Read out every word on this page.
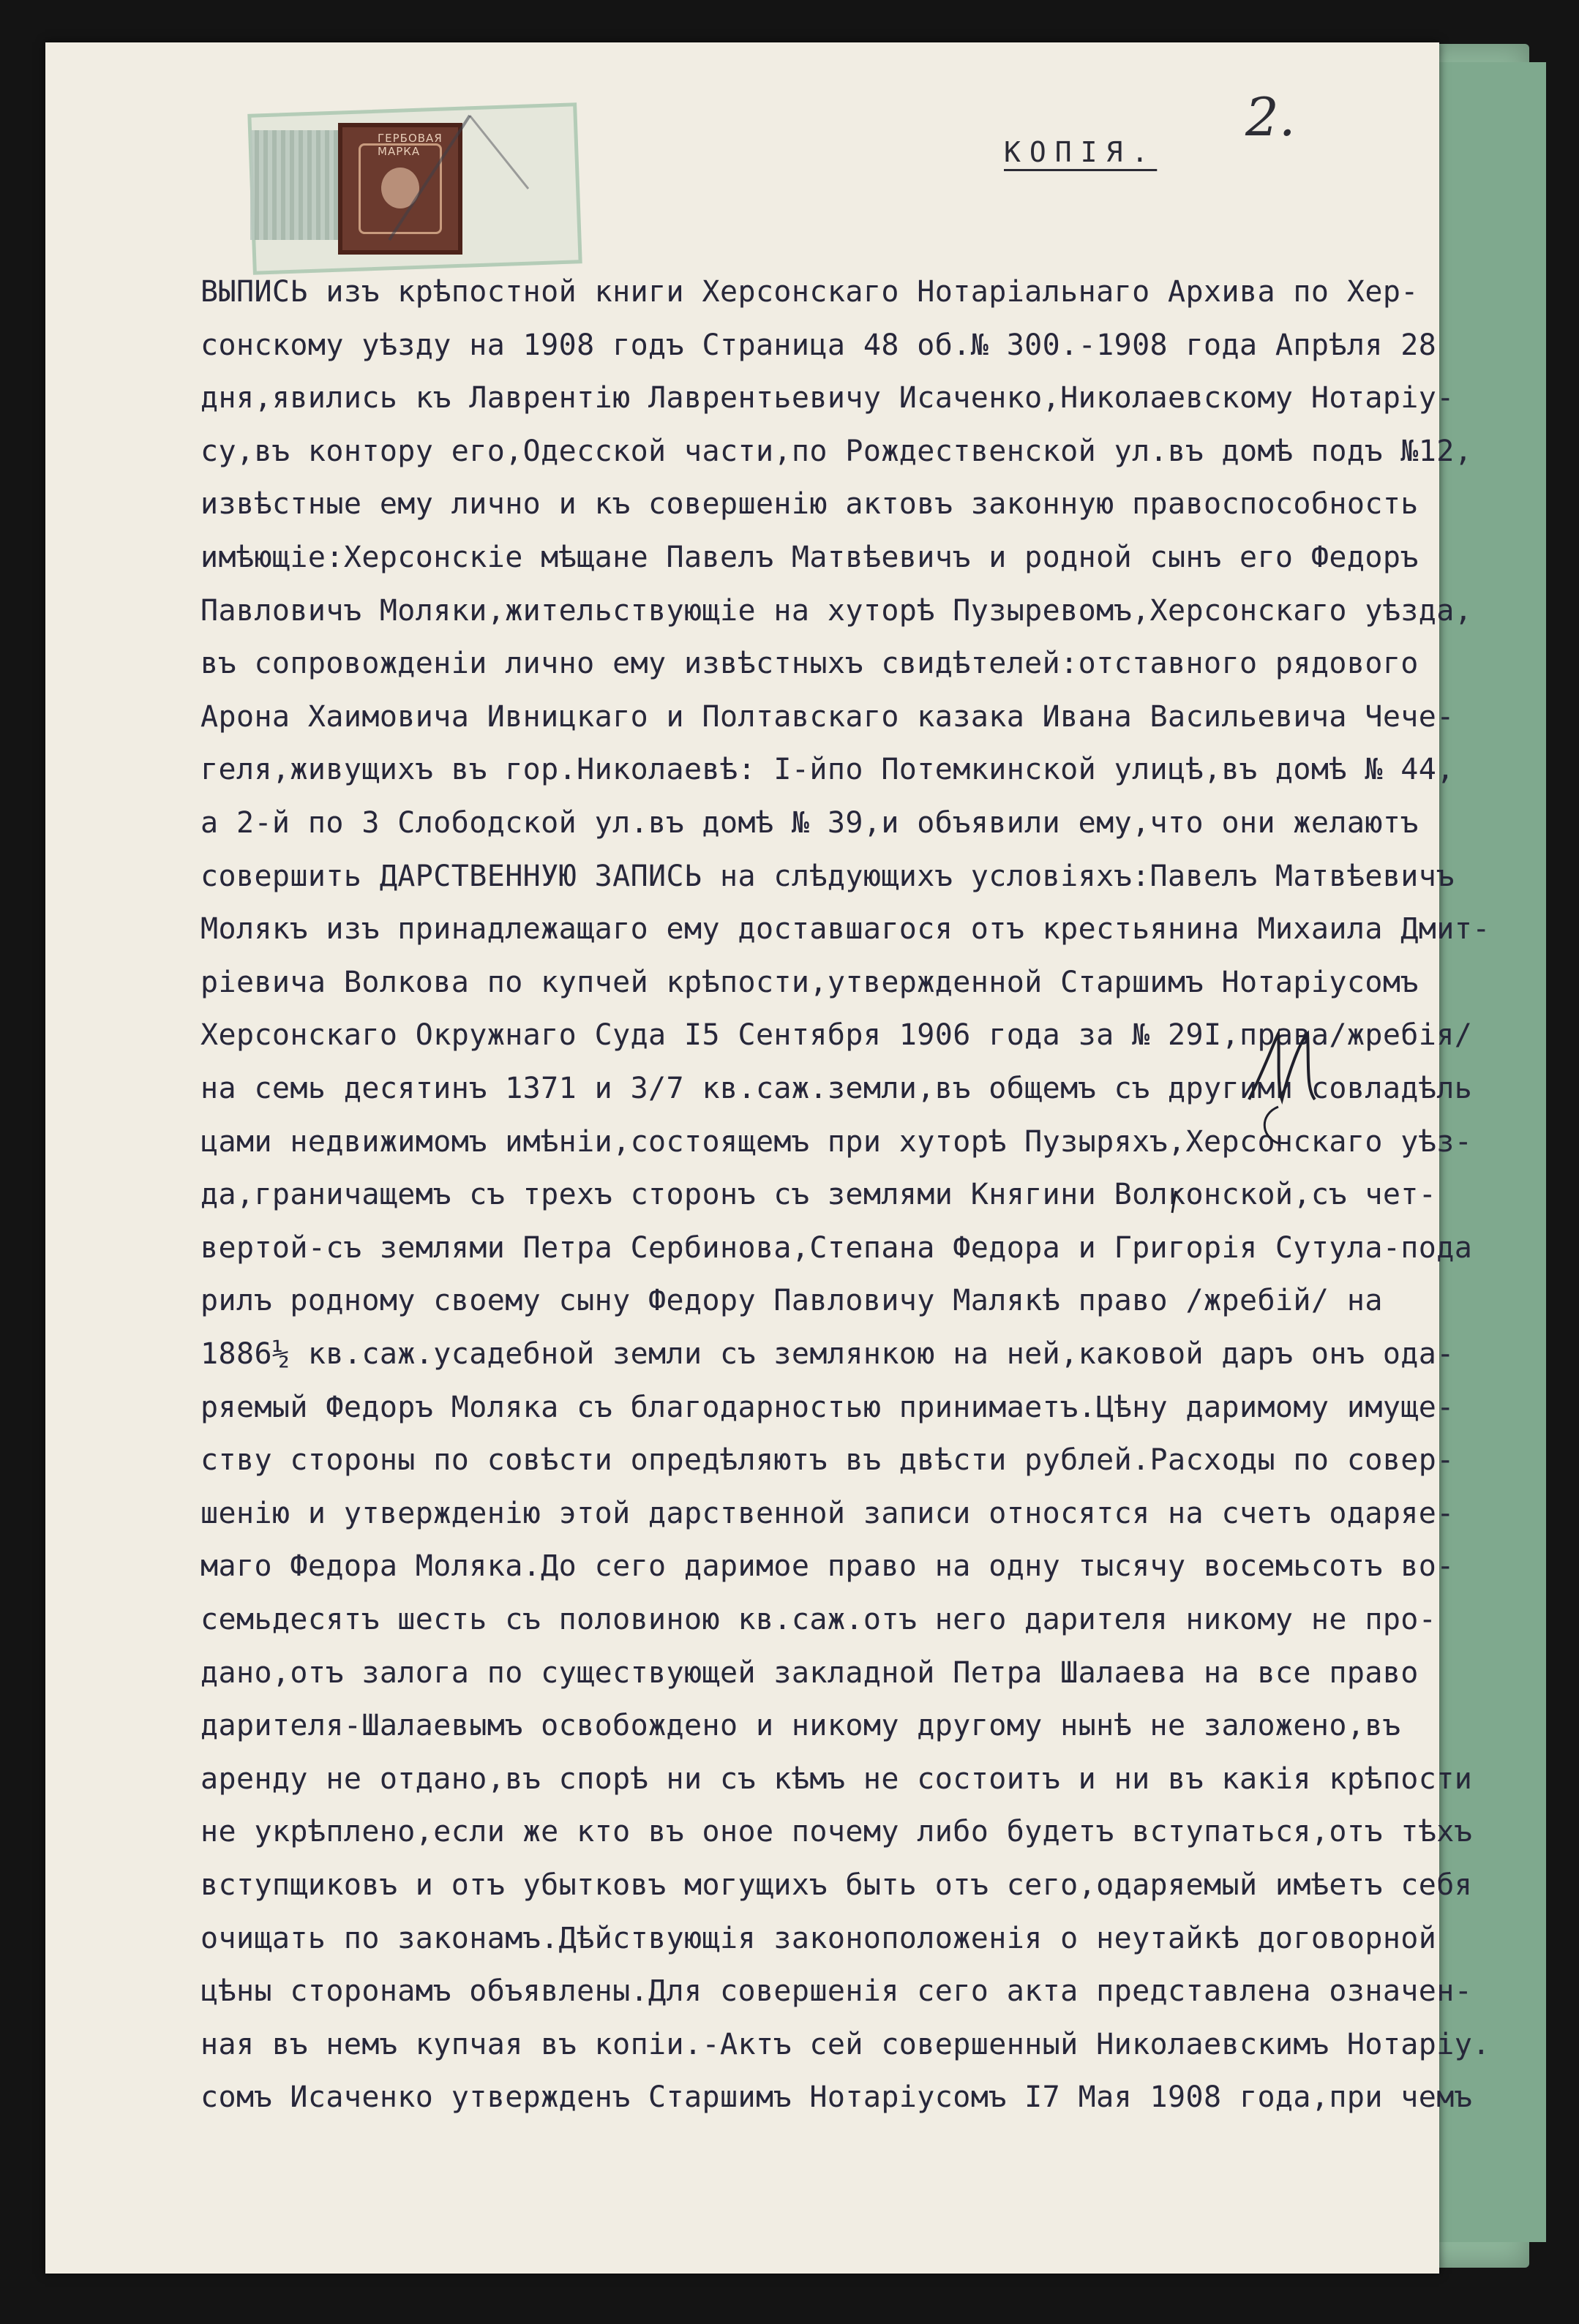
ГЕРБОВАЯ МАРКА
2.
КОПІЯ.
ВЫПИСЬ изъ крѣпостной книги Херсонскаго Нотаріальнаго Архива по Хер-
сонскому уѣзду на 1908 годъ Страница 48 об.№ 300.-1908 года Апрѣля 28
дня,явились къ Лаврентію Лаврентьевичу Исаченко,Николаевскому Нотаріу-
су,въ контору его,Одесской части,по Рождественской ул.въ домѣ подъ №12,
извѣстные ему лично и къ совершенію актовъ законную правоспособность
имѣющіе:Херсонскіе мѣщане Павелъ Матвѣевичъ и родной сынъ его Федоръ
Павловичъ Моляки,жительствующіе на хуторѣ Пузыревомъ,Херсонскаго уѣзда,
въ сопровожденіи лично ему извѣстныхъ свидѣтелей:отставного рядового
Арона Хаимовича Ивницкаго и Полтавскаго казака Ивана Васильевича Чече-
геля,живущихъ въ гор.Николаевѣ: I-йпо Потемкинской улицѣ,въ домѣ № 44,
а 2-й по 3 Слободской ул.въ домѣ № 39,и объявили ему,что они желаютъ
совершить ДАРСТВЕННУЮ ЗАПИСЬ на слѣдующихъ условіяхъ:Павелъ Матвѣевичъ
Молякъ изъ принадлежащаго ему доставшагося отъ крестьянина Михаила Дмит-
ріевича Волкова по купчей крѣпости,утвержденной Старшимъ Нотаріусомъ
Херсонскаго Окружнаго Суда I5 Сентября 1906 года за № 29I,права/жребія/
на семь десятинъ 1371 и 3/7 кв.саж.земли,въ общемъ съ другими совладѣль
цами недвижимомъ имѣніи,состоящемъ при хуторѣ Пузыряхъ,Херсонскаго уѣз-
да,граничащемъ съ трехъ сторонъ съ землями Княгини Волконской,съ чет-
вертой-съ землями Петра Сербинова,Степана Федора и Григорія Сутула-пода
рилъ родному своему сыну Федору Павловичу Малякѣ право /жребій/ на
1886½ кв.саж.усадебной земли съ землянкою на ней,каковой даръ онъ ода-
ряемый Федоръ Моляка съ благодарностью принимаетъ.Цѣну даримому имуще-
ству стороны по совѣсти опредѣляютъ въ двѣсти рублей.Расходы по совер-
шенію и утвержденію этой дарственной записи относятся на счетъ одаряе-
маго Федора Моляка.До сего даримое право на одну тысячу восемьсотъ во-
семьдесятъ шесть съ половиною кв.саж.отъ него дарителя никому не про-
дано,отъ залога по существующей закладной Петра Шалаева на все право
дарителя-Шалаевымъ освобождено и никому другому нынѣ не заложено,въ
аренду не отдано,въ спорѣ ни съ кѣмъ не состоитъ и ни въ какія крѣпости
не укрѣплено,если же кто въ оное почему либо будетъ вступаться,отъ тѣхъ
вступщиковъ и отъ убытковъ могущихъ быть отъ сего,одаряемый имѣетъ себя
очищать по законамъ.Дѣйствующія законоположенія о неутайкѣ договорной
цѣны сторонамъ объявлены.Для совершенія сего акта представлена означен-
ная въ немъ купчая въ копіи.-Актъ сей совершенный Николаевскимъ Нотаріу.
сомъ Исаченко утвержденъ Старшимъ Нотаріусомъ I7 Мая 1908 года,при чемъ
